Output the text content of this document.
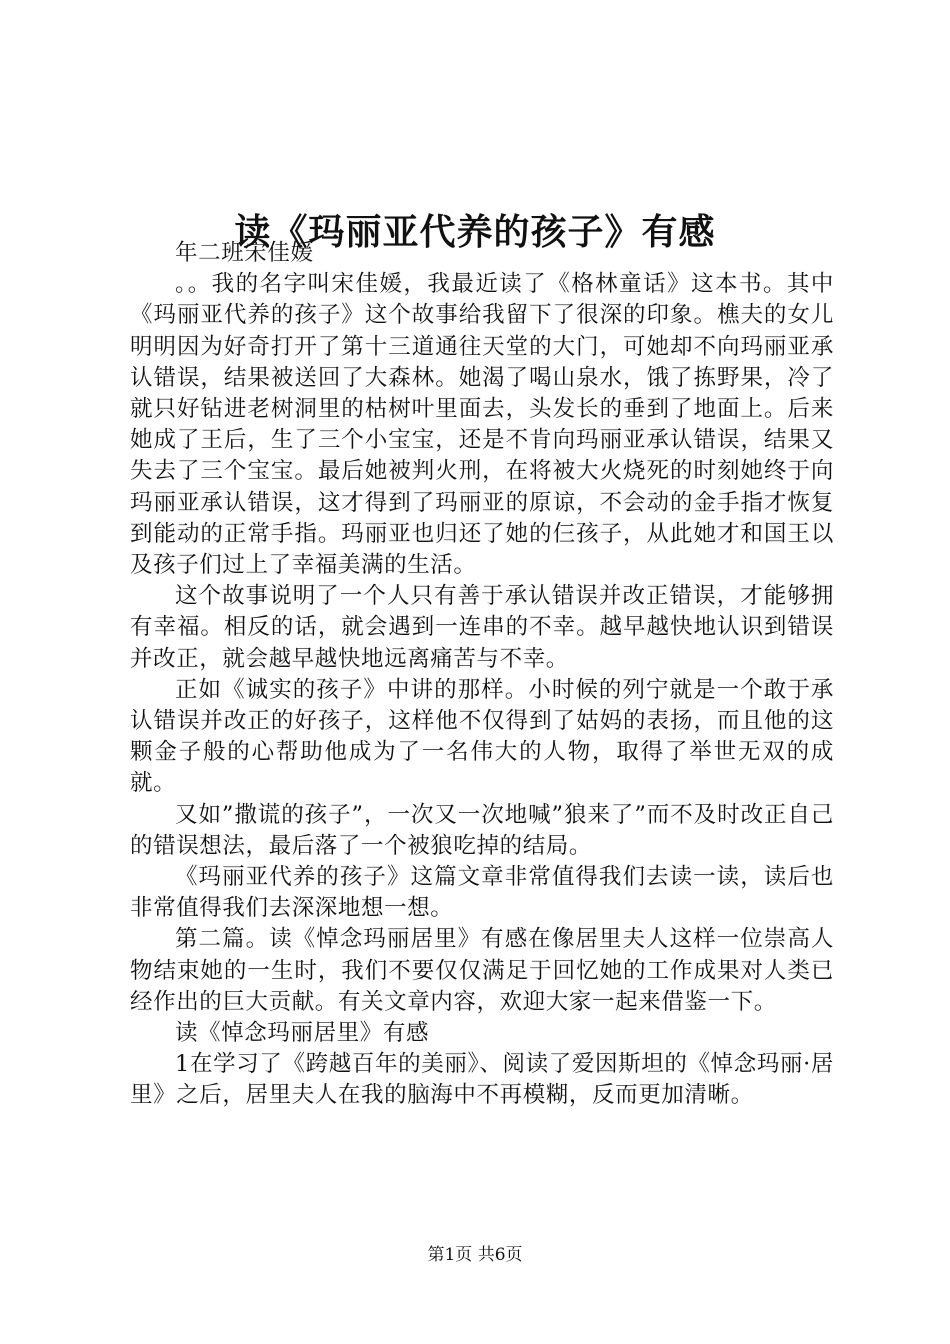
读《玛丽亚代养的孩子》有感

年二班宋佳媛

。。我的名字叫宋佳媛，我最近读了《格林童话》这本书。其中《玛丽亚代养的孩子》这个故事给我留下了很深的印象。樵夫的女儿明明因为好奇打开了第十三道通往天堂的大门，可她却不向玛丽亚承认错误，结果被送回了大森林。她渴了喝山泉水，饿了拣野果，冷了就只好钻进老树洞里的枯树叶里面去，头发长的垂到了地面上。后来她成了王后，生了三个小宝宝，还是不肯向玛丽亚承认错误，结果又失去了三个宝宝。最后她被判火刑，在将被大火烧死的时刻她终于向玛丽亚承认错误，这才得到了玛丽亚的原谅，不会动的金手指才恢复到能动的正常手指。玛丽亚也归还了她的仨孩子，从此她才和国王以及孩子们过上了幸福美满的生活。

这个故事说明了一个人只有善于承认错误并改正错误，才能够拥有幸福。相反的话，就会遇到一连串的不幸。越早越快地认识到错误并改正，就会越早越快地远离痛苦与不幸。

正如《诚实的孩子》中讲的那样。小时候的列宁就是一个敢于承认错误并改正的好孩子，这样他不仅得到了姑妈的表扬，而且他的这颗金子般的心帮助他成为了一名伟大的人物，取得了举世无双的成就。

又如”撒谎的孩子”，一次又一次地喊”狼来了”而不及时改正自己的错误想法，最后落了一个被狼吃掉的结局。

《玛丽亚代养的孩子》这篇文章非常值得我们去读一读，读后也非常值得我们去深深地想一想。

第二篇。读《悼念玛丽居里》有感在像居里夫人这样一位崇高人物结束她的一生时，我们不要仅仅满足于回忆她的工作成果对人类已经作出的巨大贡献。有关文章内容，欢迎大家一起来借鉴一下。

读《悼念玛丽居里》有感

1在学习了《跨越百年的美丽》、阅读了爱因斯坦的《悼念玛丽·居里》之后，居里夫人在我的脑海中不再模糊，反而更加清晰。

第1页 共6页
